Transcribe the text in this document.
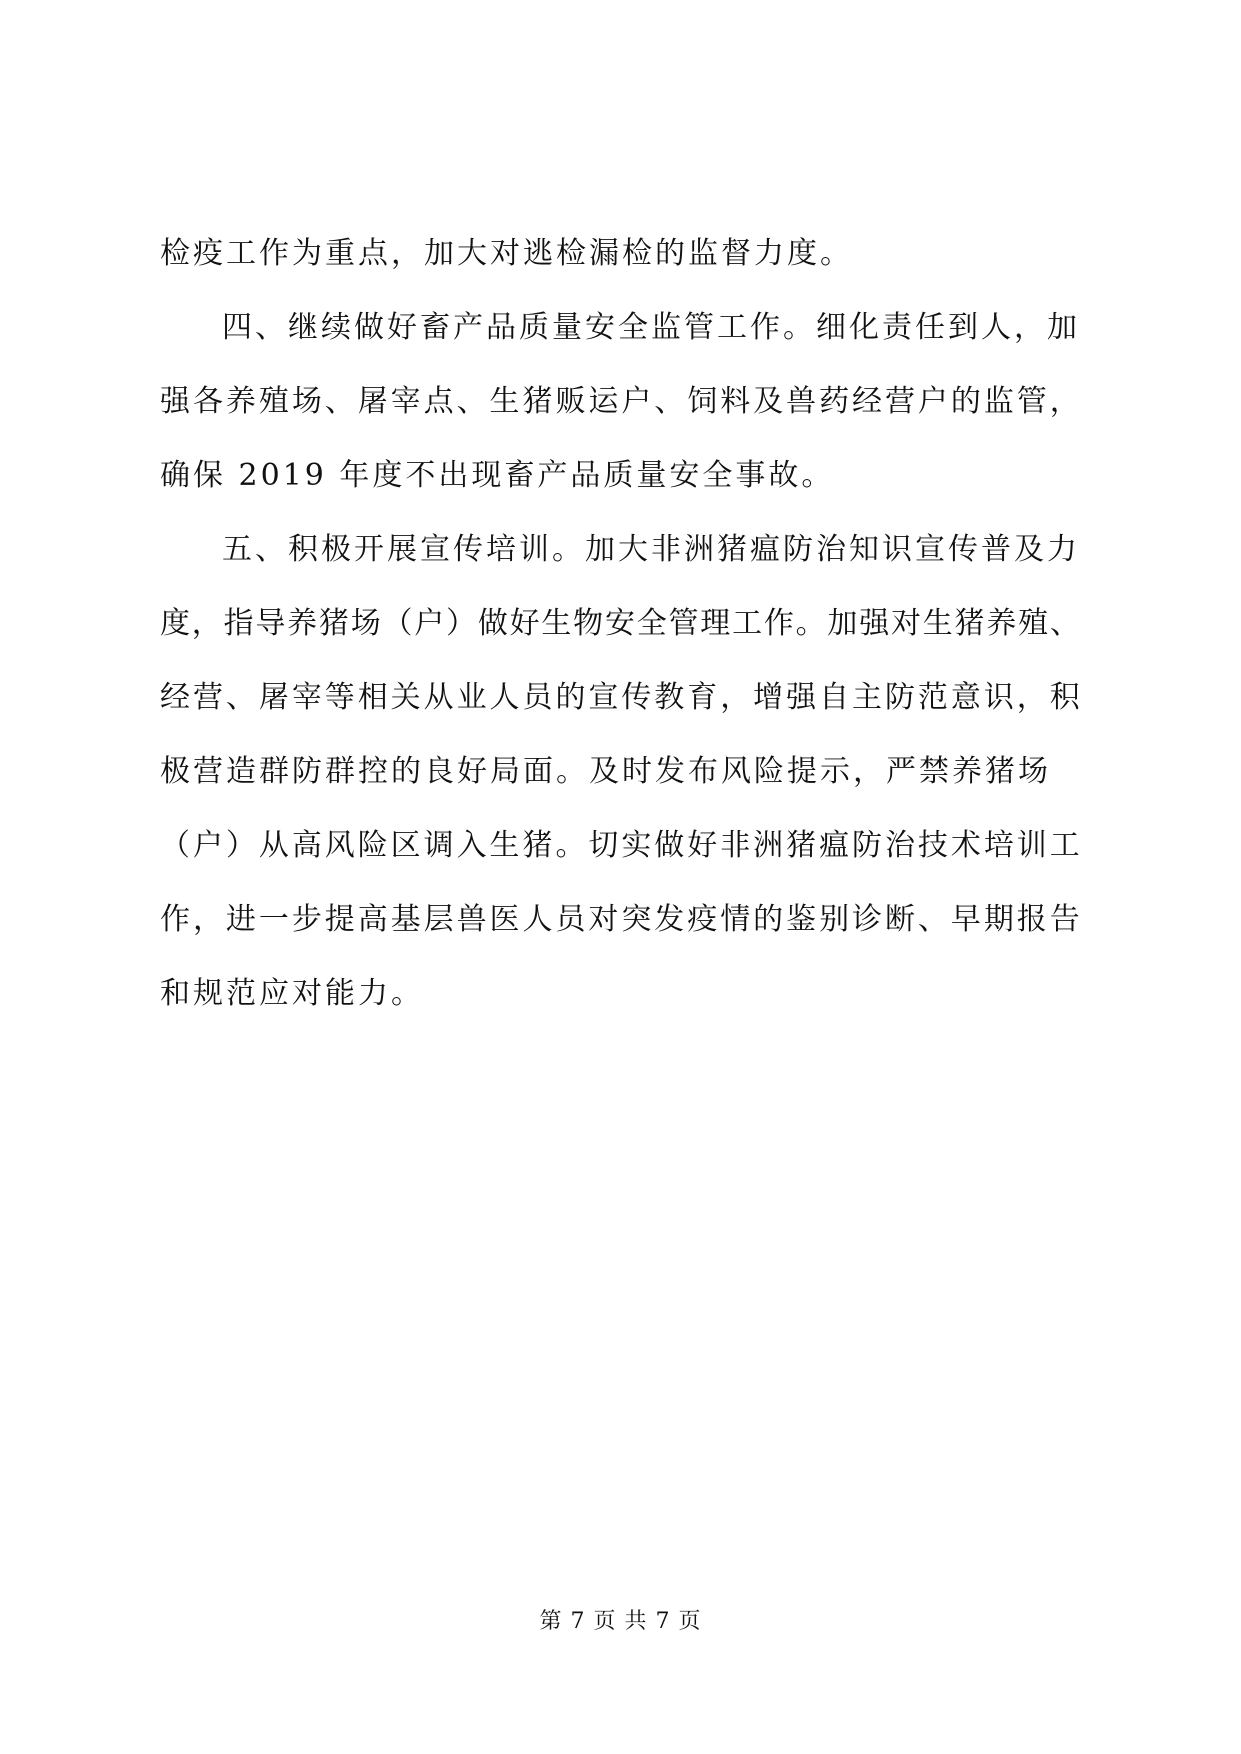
检疫工作为重点，加大对逃检漏检的监督力度。
四、继续做好畜产品质量安全监管工作。细化责任到人，加
强 各 养 殖 场 、 屠 宰 点 、 生 猪 贩 运 户 、 饲 料 及 兽 药 经 营 户 的 监 管 ，
确保 2019 年度不出现畜产品质量安全事故。
五、积极开展宣传培训。加大非洲猪瘟防治知识宣传普及力
度 ， 指 导 养 猪 场 （ 户 ） 做 好 生 物 安 全 管 理 工 作 。 加 强 对 生 猪 养 殖 、
经 营 、 屠 宰 等 相 关 从 业 人 员 的 宣 传 教 育 ， 增 强 自 主 防 范 意 识 ， 积
极营造群防群控的良好局面。及时发布风险提示，严禁养猪场
（ 户 ） 从 高 风 险 区 调 入 生 猪 。 切 实 做 好 非 洲 猪 瘟 防 治 技 术 培 训 工
作 ， 进 一 步 提 高 基 层 兽 医 人 员 对 突 发 疫 情 的 鉴 别 诊 断 、 早 期 报 告
和规范应对能力。
第 7 页 共 7 页
